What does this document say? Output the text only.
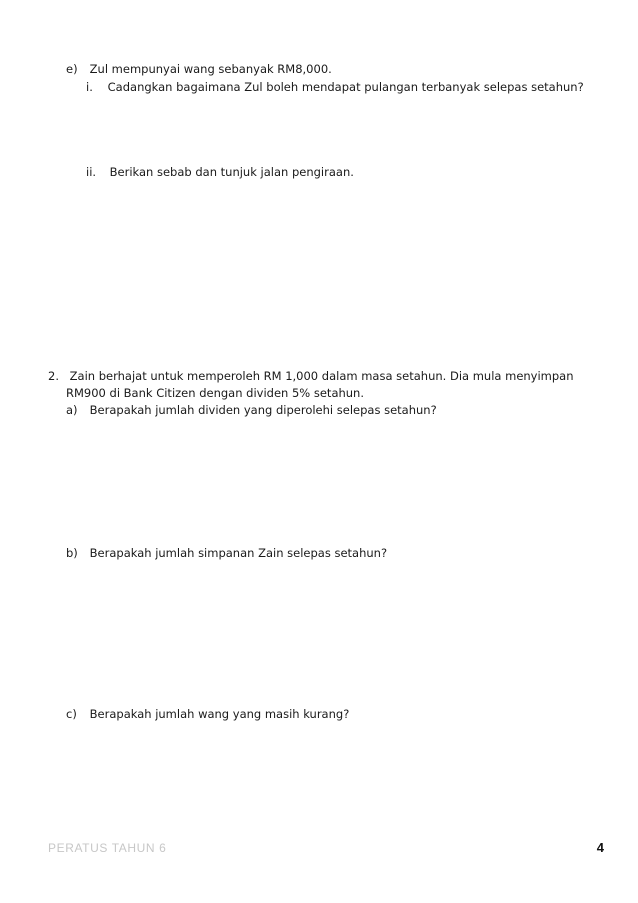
e) Zul mempunyai wang sebanyak RM8,000.
i. Cadangkan bagaimana Zul boleh mendapat pulangan terbanyak selepas setahun?
ii. Berikan sebab dan tunjuk jalan pengiraan.
2. Zain berhajat untuk memperoleh RM 1,000 dalam masa setahun. Dia mula menyimpan
RM900 di Bank Citizen dengan dividen 5% setahun.
a) Berapakah jumlah dividen yang diperolehi selepas setahun?
b) Berapakah jumlah simpanan Zain selepas setahun?
c) Berapakah jumlah wang yang masih kurang?
PERATUS TAHUN 6	4
